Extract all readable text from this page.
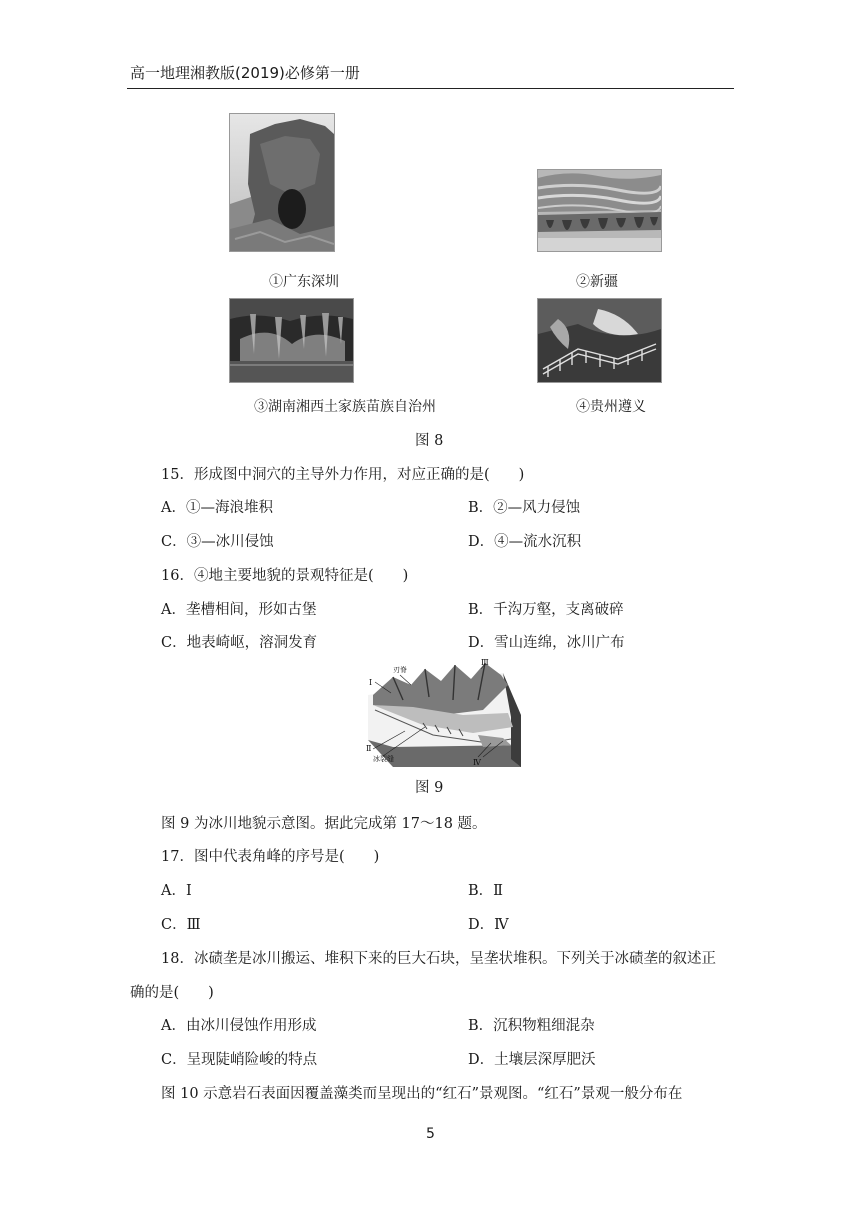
高一地理湘教版(2019)必修第一册
①广东深圳	②新疆
③湖南湘西土家族苗族自治州	④贵州遵义
图 8
15．形成图中洞穴的主导外力作用，对应正确的是(　　)
A．①—海浪堆积	B．②—风力侵蚀
C．③—冰川侵蚀	D．④—流水沉积
16．④地主要地貌的景观特征是(　　)
A．垄槽相间，形如古堡	B．千沟万壑，支离破碎
C．地表崎岖，溶洞发育	D．雪山连绵，冰川广布
Ⅰ
刃脊
Ⅲ
Ⅱ
冰裂缝	Ⅳ
图 9
图 9 为冰川地貌示意图。据此完成第 17～18 题。
17．图中代表角峰的序号是(　　)
A．Ⅰ	B．Ⅱ
C．Ⅲ	D．Ⅳ
18．冰碛垄是冰川搬运、堆积下来的巨大石块，呈垄状堆积。下列关于冰碛垄的叙述正
确的是(　　)
A．由冰川侵蚀作用形成	B．沉积物粗细混杂
C．呈现陡峭险峻的特点	D．土壤层深厚肥沃
图 10 示意岩石表面因覆盖藻类而呈现出的“红石”景观图。“红石”景观一般分布在
5
